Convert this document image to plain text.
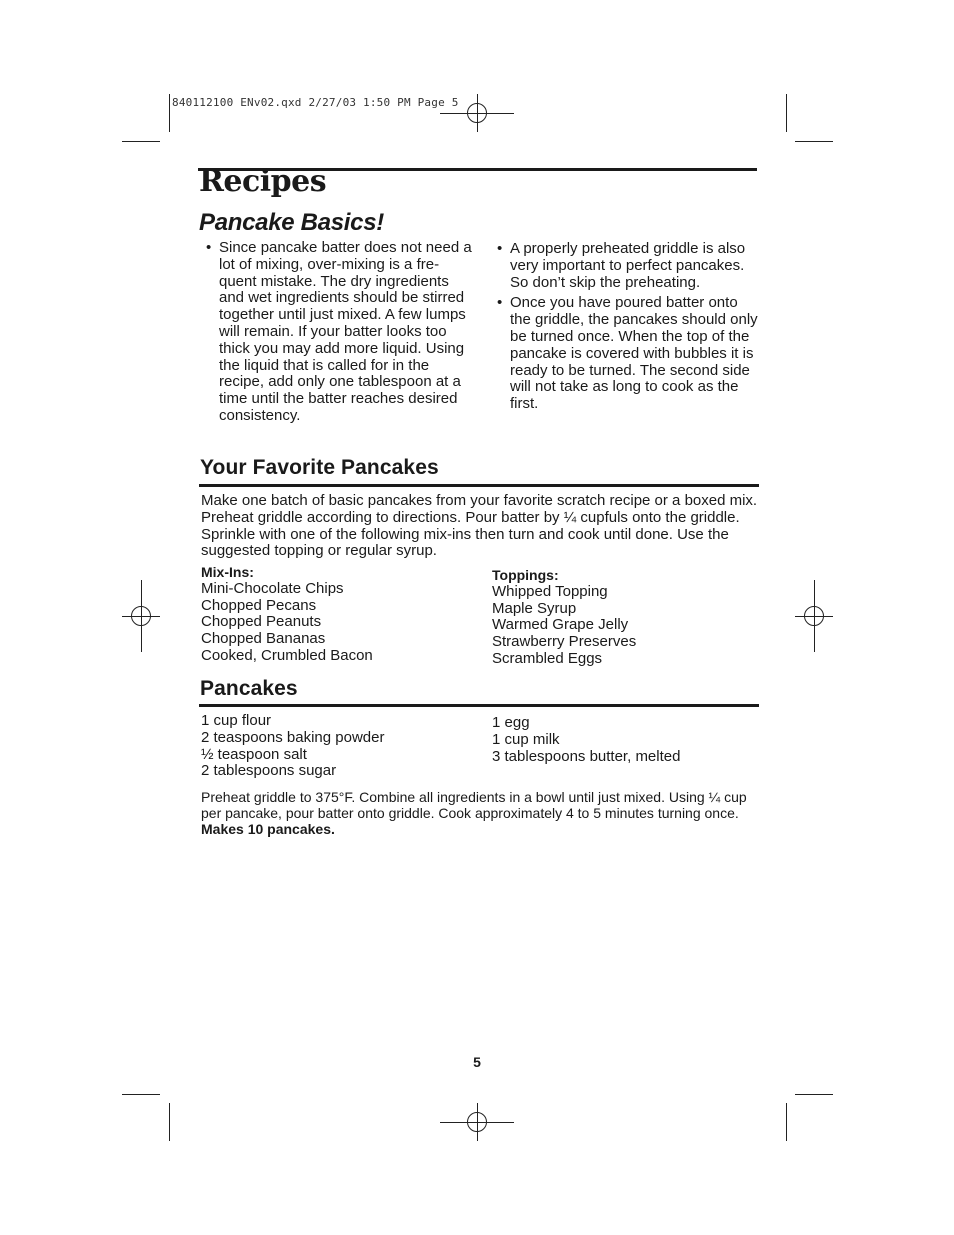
840112100 ENv02.qxd 2/27/03 1:50 PM Page 5
Recipes
Pancake Basics!
• Since pancake batter does not need a lot of mixing, over-mixing is a fre-quent mistake. The dry ingredients and wet ingredients should be stirred together until just mixed. A few lumps will remain. If your batter looks too thick you may add more liquid. Using the liquid that is called for in the recipe, add only one tablespoon at a time until the batter reaches desired consistency.
• A properly preheated griddle is also very important to perfect pancakes. So don’t skip the preheating.
• Once you have poured batter onto the griddle, the pancakes should only be turned once. When the top of the pancake is covered with bubbles it is ready to be turned. The second side will not take as long to cook as the first.
Your Favorite Pancakes

Make one batch of basic pancakes from your favorite scratch recipe or a boxed mix. Preheat griddle according to directions. Pour batter by ¼ cupfuls onto the griddle. Sprinkle with one of the following mix-ins then turn and cook until done. Use the suggested topping or regular syrup.

Mix-Ins:
Mini-Chocolate Chips
Chopped Pecans
Chopped Peanuts
Chopped Bananas
Cooked, Crumbled Bacon
Toppings:
Whipped Topping
Maple Syrup
Warmed Grape Jelly
Strawberry Preserves
Scrambled Eggs
Pancakes
1 cup flour
2 teaspoons baking powder
½ teaspoon salt
2 tablespoons sugar
1 egg
1 cup milk
3 tablespoons butter, melted

Preheat griddle to 375°F. Combine all ingredients in a bowl until just mixed. Using ¼ cup per pancake, pour batter onto griddle. Cook approximately 4 to 5 minutes turning once. Makes 10 pancakes.

5
